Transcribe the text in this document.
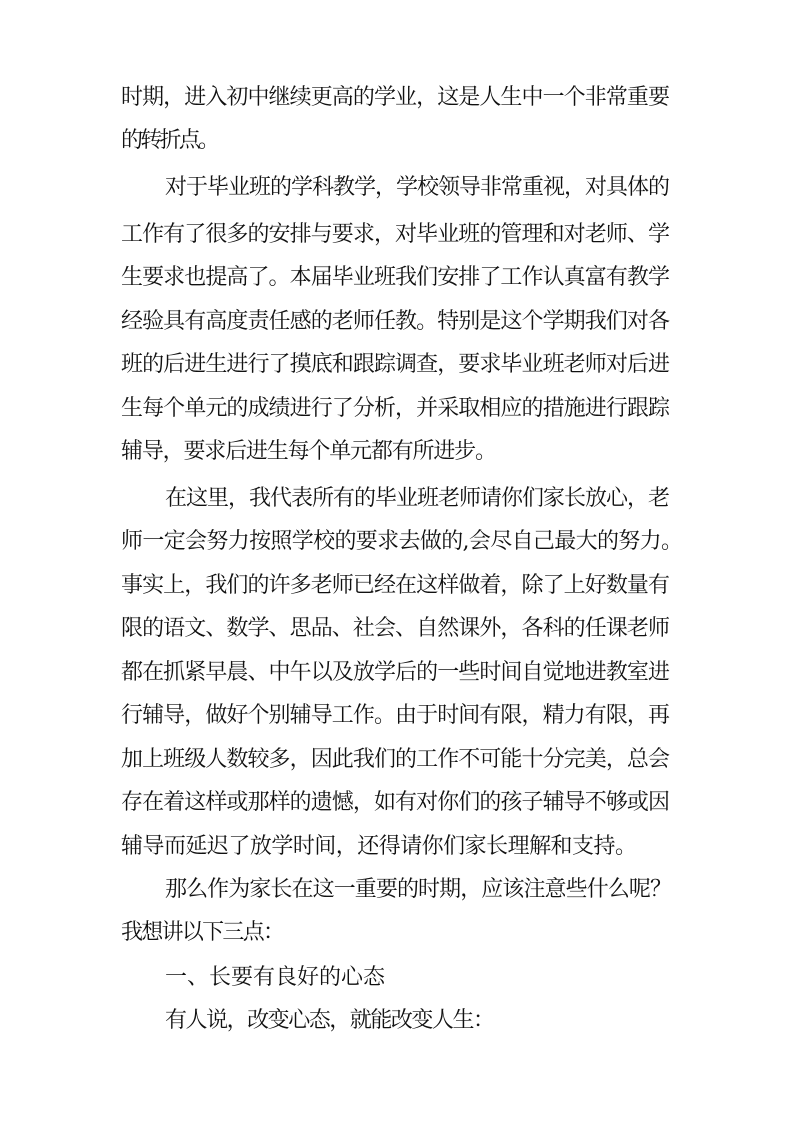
时期，进入初中继续更高的学业，这是人生中一个非常重要
的转折点。
对于毕业班的学科教学，学校领导非常重视，对具体的
工作有了很多的安排与要求，对毕业班的管理和对老师、学
生要求也提高了。本届毕业班我们安排了工作认真富有教学
经验具有高度责任感的老师任教。特别是这个学期我们对各
班的后进生进行了摸底和跟踪调查，要求毕业班老师对后进
生每个单元的成绩进行了分析，并采取相应的措施进行跟踪
辅导，要求后进生每个单元都有所进步。
在这里，我代表所有的毕业班老师请你们家长放心，老
师一定会努力按照学校的要求去做的,会尽自己最大的努力。
事实上，我们的许多老师已经在这样做着，除了上好数量有
限的语文、数学、思品、社会、自然课外，各科的任课老师
都在抓紧早晨、中午以及放学后的一些时间自觉地进教室进
行辅导，做好个别辅导工作。由于时间有限，精力有限，再
加上班级人数较多，因此我们的工作不可能十分完美，总会
存在着这样或那样的遗憾，如有对你们的孩子辅导不够或因
辅导而延迟了放学时间，还得请你们家长理解和支持。
那么作为家长在这一重要的时期，应该注意些什么呢？
我想讲以下三点：
一、长要有良好的心态
有人说，改变心态，就能改变人生：
